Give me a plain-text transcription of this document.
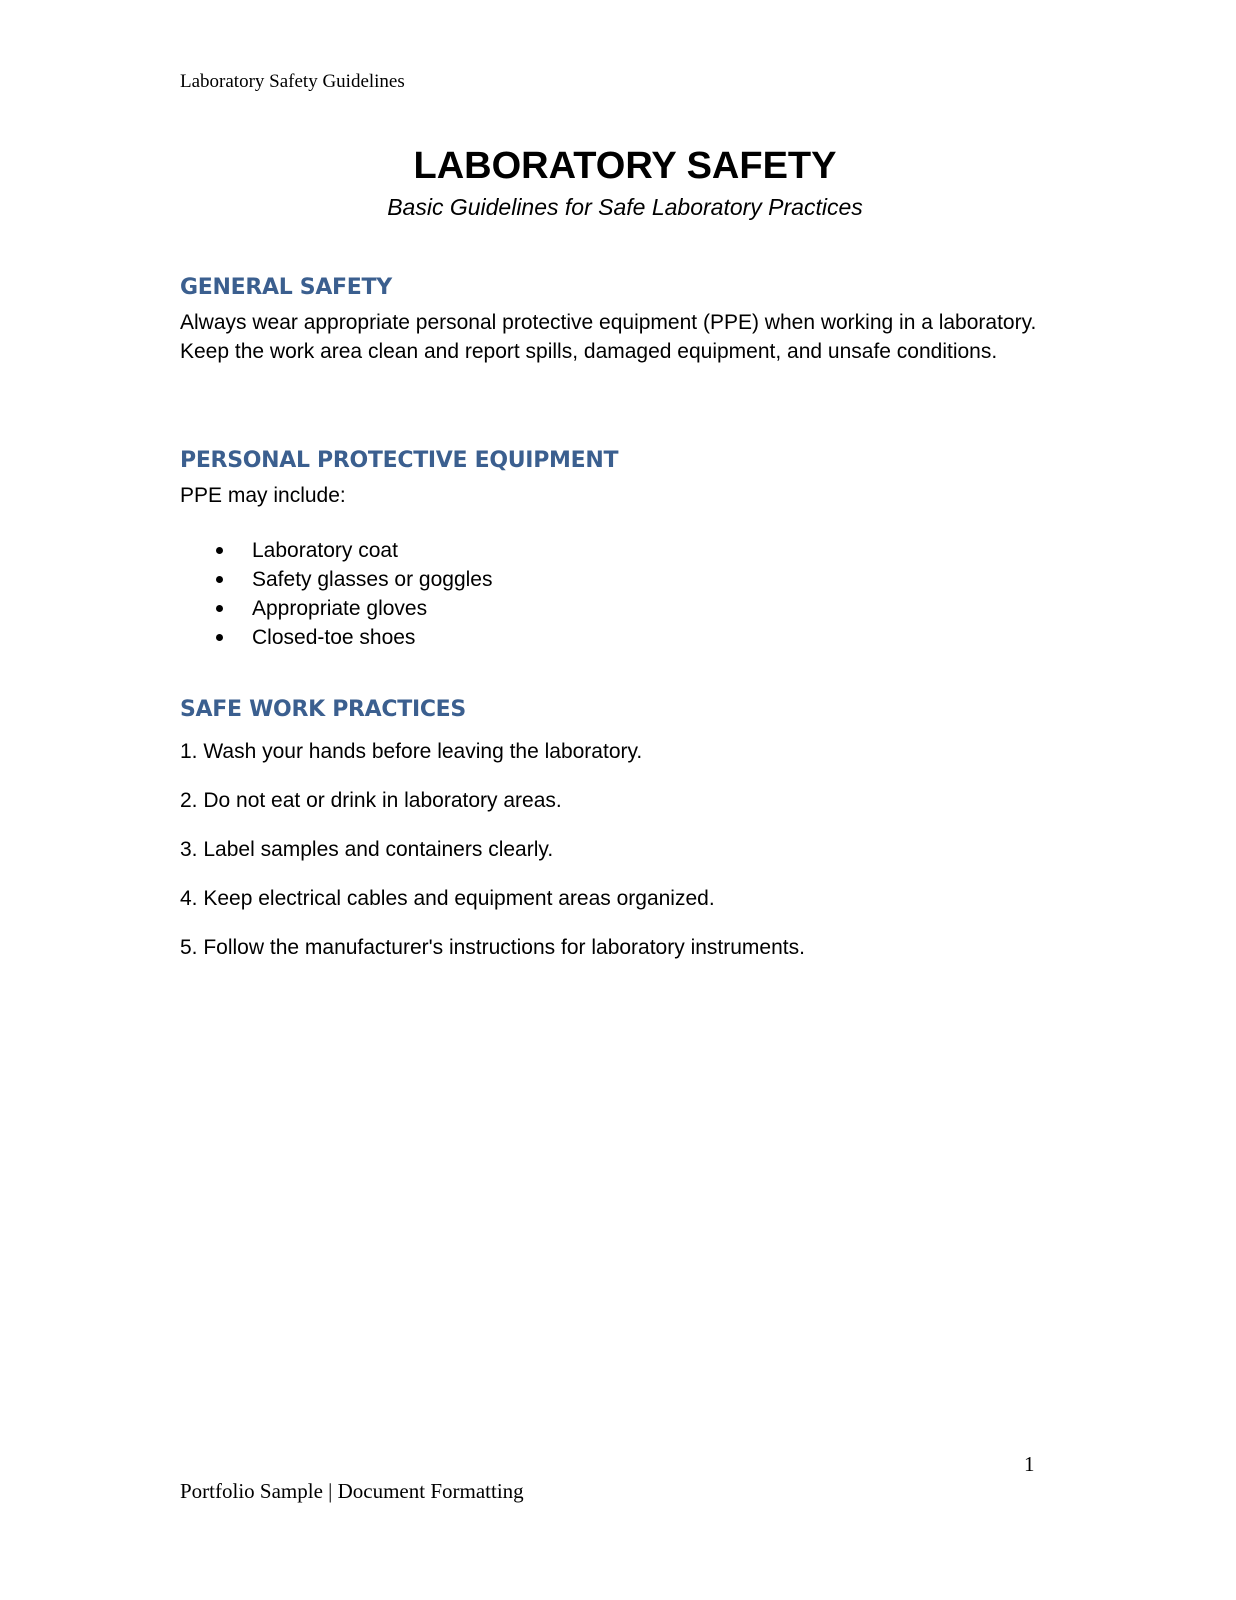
Laboratory Safety Guidelines
LABORATORY SAFETY
Basic Guidelines for Safe Laboratory Practices
GENERAL SAFETY

Always wear appropriate personal protective equipment (PPE) when working in a laboratory. Keep the work area clean and report spills, damaged equipment, and unsafe conditions.

PERSONAL PROTECTIVE EQUIPMENT

PPE may include:

Laboratory coat
Safety glasses or goggles
Appropriate gloves
Closed-toe shoes
SAFE WORK PRACTICES
1. Wash your hands before leaving the laboratory.
2. Do not eat or drink in laboratory areas.
3. Label samples and containers clearly.
4. Keep electrical cables and equipment areas organized.
5. Follow the manufacturer's instructions for laboratory instruments.
1
Portfolio Sample | Document Formatting
